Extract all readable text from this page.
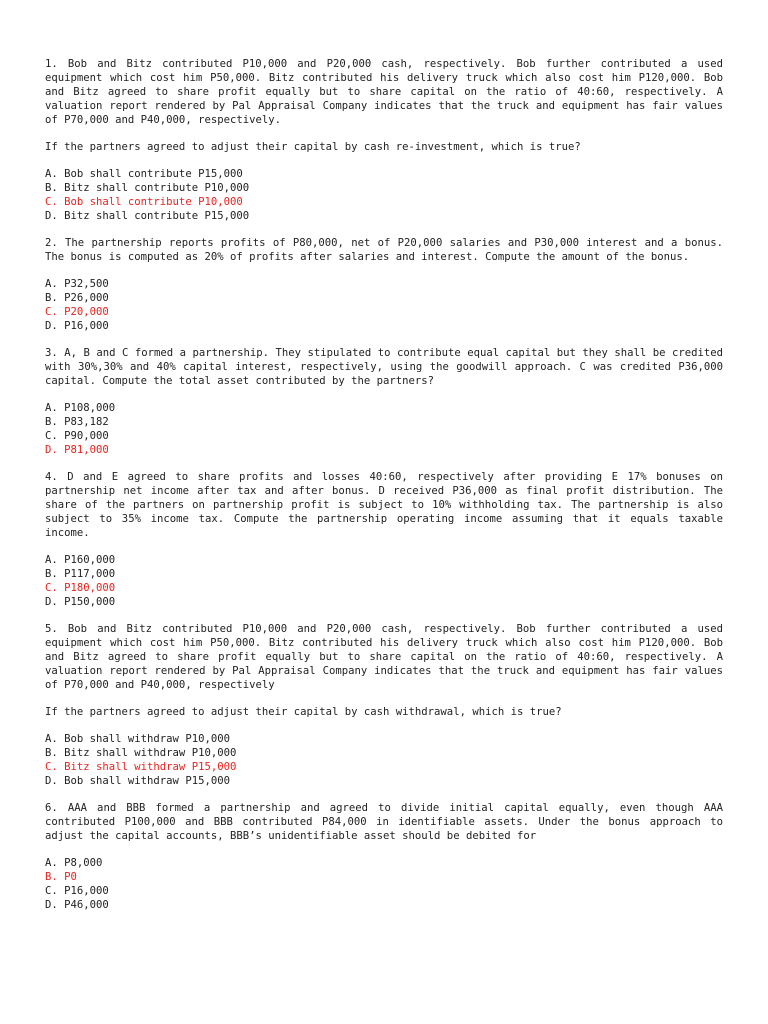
1. Bob and Bitz contributed P10,000 and P20,000 cash, respectively. Bob further contributed a used equipment which cost him P50,000. Bitz contributed his delivery truck which also cost him P120,000. Bob and Bitz agreed to share profit equally but to share capital on the ratio of 40:60, respectively. A valuation report rendered by Pal Appraisal Company indicates that the truck and equipment has fair values of P70,000 and P40,000, respectively.
If the partners agreed to adjust their capital by cash re-investment, which is true?
A. Bob shall contribute P15,000
B. Bitz shall contribute P10,000
C. Bob shall contribute P10,000
D. Bitz shall contribute P15,000
2. The partnership reports profits of P80,000, net of P20,000 salaries and P30,000 interest and a bonus. The bonus is computed as 20% of profits after salaries and interest. Compute the amount of the bonus.
A. P32,500
B. P26,000
C. P20,000
D. P16,000
3. A, B and C formed a partnership. They stipulated to contribute equal capital but they shall be credited with 30%,30% and 40% capital interest, respectively, using the goodwill approach. C was credited P36,000 capital. Compute the total asset contributed by the partners?
A. P108,000
B. P83,182
C. P90,000
D. P81,000
4. D and E agreed to share profits and losses 40:60, respectively after providing E 17% bonuses on partnership net income after tax and after bonus. D received P36,000 as final profit distribution. The share of the partners on partnership profit is subject to 10% withholding tax. The partnership is also subject to 35% income tax. Compute the partnership operating income assuming that it equals taxable income.
A. P160,000
B. P117,000
C. P180,000
D. P150,000
5. Bob and Bitz contributed P10,000 and P20,000 cash, respectively. Bob further contributed a used equipment which cost him P50,000. Bitz contributed his delivery truck which also cost him P120,000. Bob and Bitz agreed to share profit equally but to share capital on the ratio of 40:60, respectively. A valuation report rendered by Pal Appraisal Company indicates that the truck and equipment has fair values of P70,000 and P40,000, respectively
If the partners agreed to adjust their capital by cash withdrawal, which is true?
A. Bob shall withdraw P10,000
B. Bitz shall withdraw P10,000
C. Bitz shall withdraw P15,000
D. Bob shall withdraw P15,000
6. AAA and BBB formed a partnership and agreed to divide initial capital equally, even though AAA contributed P100,000 and BBB contributed P84,000 in identifiable assets. Under the bonus approach to adjust the capital accounts, BBB’s unidentifiable asset should be debited for
A. P8,000
B. P0
C. P16,000
D. P46,000
